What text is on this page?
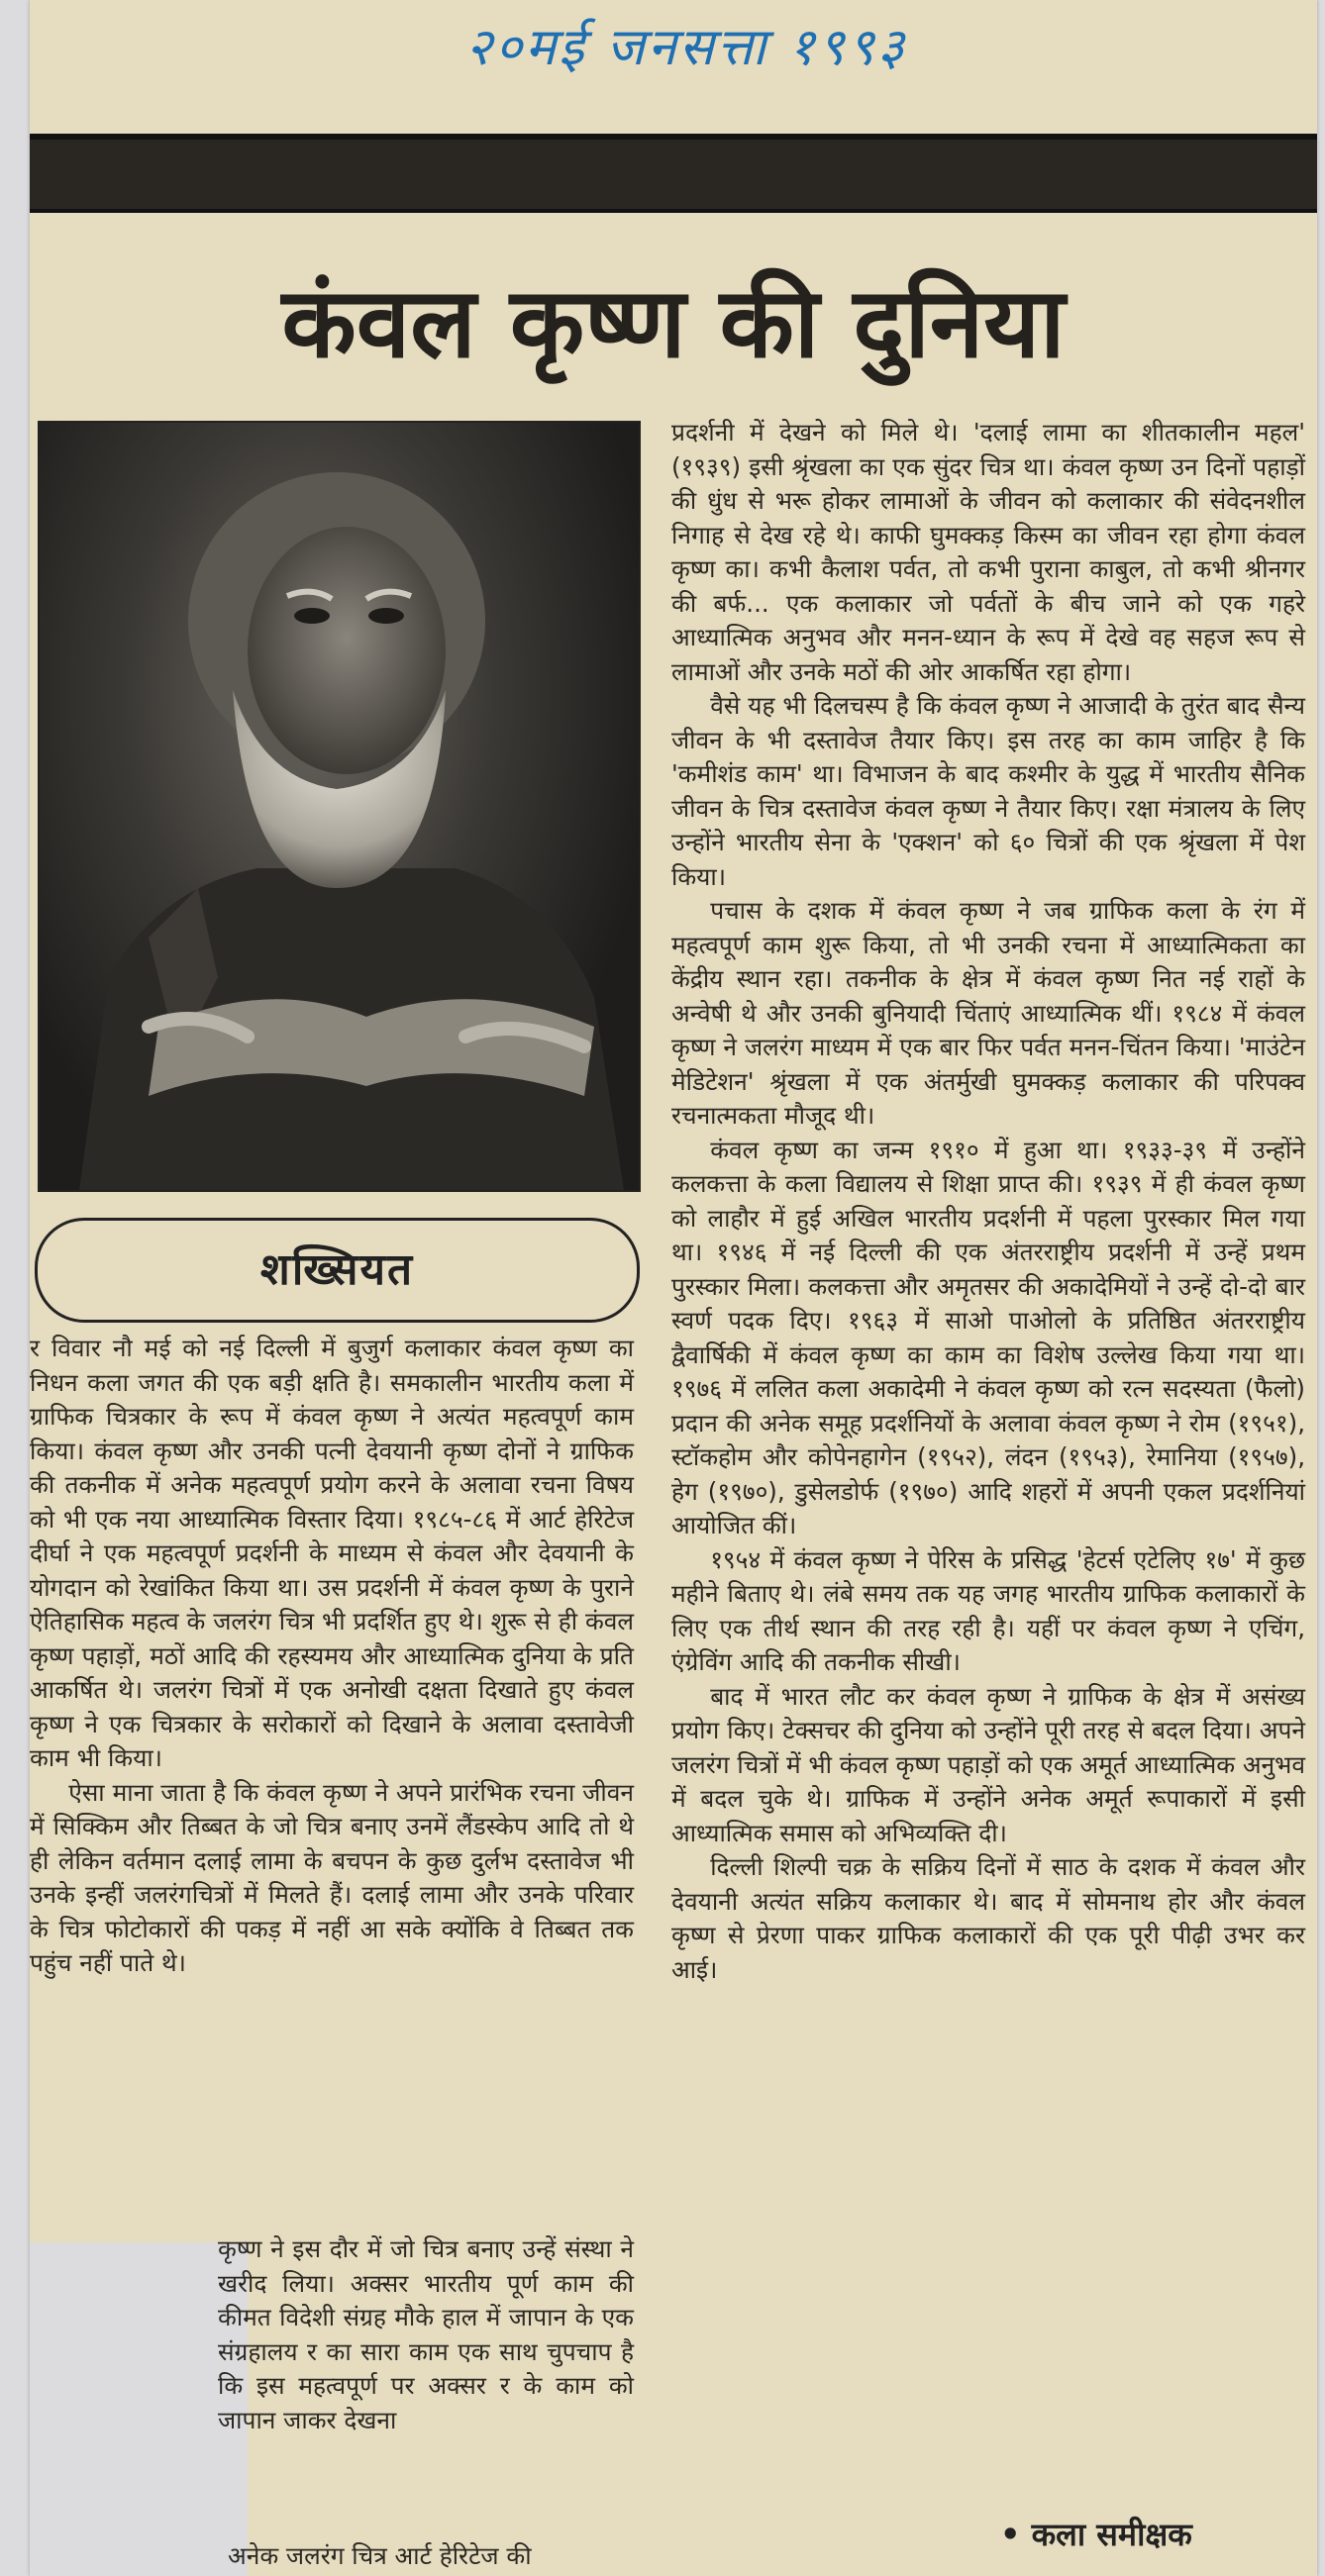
२०मई जनसत्ता १९९३
कंवल कृष्ण की दुनिया
शख्सियत

र विवार नौ मई को नई दिल्ली में बुजुर्ग कलाकार कंवल कृष्ण का निधन कला जगत की एक बड़ी क्षति है। समकालीन भारतीय कला में ग्राफिक चित्रकार के रूप में कंवल कृष्ण ने अत्यंत महत्वपूर्ण काम किया। कंवल कृष्ण और उनकी पत्नी देवयानी कृष्ण दोनों ने ग्राफिक की तकनीक में अनेक महत्वपूर्ण प्रयोग करने के अलावा रचना विषय को भी एक नया आध्यात्मिक विस्तार दिया। १९८५-८६ में आर्ट हेरिटेज दीर्घा ने एक महत्वपूर्ण प्रदर्शनी के माध्यम से कंवल और देवयानी के योगदान को रेखांकित किया था। उस प्रदर्शनी में कंवल कृष्ण के पुराने ऐतिहासिक महत्व के जलरंग चित्र भी प्रदर्शित हुए थे। शुरू से ही कंवल कृष्ण पहाड़ों, मठों आदि की रहस्यमय और आध्यात्मिक दुनिया के प्रति आकर्षित थे। जलरंग चित्रों में एक अनोखी दक्षता दिखाते हुए कंवल कृष्ण ने एक चित्रकार के सरोकारों को दिखाने के अलावा दस्तावेजी काम भी किया।

ऐसा माना जाता है कि कंवल कृष्ण ने अपने प्रारंभिक रचना जीवन में सिक्किम और तिब्बत के जो चित्र बनाए उनमें लैंडस्केप आदि तो थे ही लेकिन वर्तमान दलाई लामा के बचपन के कुछ दुर्लभ दस्तावेज भी उनके इन्हीं जलरंगचित्रों में मिलते हैं। दलाई लामा और उनके परिवार के चित्र फोटोकारों की पकड़ में नहीं आ सके क्योंकि वे तिब्बत तक पहुंच नहीं पाते थे।

कृष्ण ने इस दौर में जो चित्र बनाए उन्हें संस्था ने खरीद लिया। अक्सर भारतीय पूर्ण काम की कीमत विदेशी संग्रह मौके हाल में जापान के एक संग्रहालय र का सारा काम एक साथ चुपचाप है कि इस महत्वपूर्ण पर अक्सर र के काम को जापान जाकर देखना

अनेक जलरंग चित्र आर्ट हेरिटेज की

प्रदर्शनी में देखने को मिले थे। 'दलाई लामा का शीतकालीन महल' (१९३९) इसी श्रृंखला का एक सुंदर चित्र था। कंवल कृष्ण उन दिनों पहाड़ों की धुंध से भरू होकर लामाओं के जीवन को कलाकार की संवेदनशील निगाह से देख रहे थे। काफी घुमक्कड़ किस्म का जीवन रहा होगा कंवल कृष्ण का। कभी कैलाश पर्वत, तो कभी पुराना काबुल, तो कभी श्रीनगर की बर्फ... एक कलाकार जो पर्वतों के बीच जाने को एक गहरे आध्यात्मिक अनुभव और मनन-ध्यान के रूप में देखे वह सहज रूप से लामाओं और उनके मठों की ओर आकर्षित रहा होगा।

वैसे यह भी दिलचस्प है कि कंवल कृष्ण ने आजादी के तुरंत बाद सैन्य जीवन के भी दस्तावेज तैयार किए। इस तरह का काम जाहिर है कि 'कमीशंड काम' था। विभाजन के बाद कश्मीर के युद्ध में भारतीय सैनिक जीवन के चित्र दस्तावेज कंवल कृष्ण ने तैयार किए। रक्षा मंत्रालय के लिए उन्होंने भारतीय सेना के 'एक्शन' को ६० चित्रों की एक श्रृंखला में पेश किया।

पचास के दशक में कंवल कृष्ण ने जब ग्राफिक कला के रंग में महत्वपूर्ण काम शुरू किया, तो भी उनकी रचना में आध्यात्मिकता का केंद्रीय स्थान रहा। तकनीक के क्षेत्र में कंवल कृष्ण नित नई राहों के अन्वेषी थे और उनकी बुनियादी चिंताएं आध्यात्मिक थीं। १९८४ में कंवल कृष्ण ने जलरंग माध्यम में एक बार फिर पर्वत मनन-चिंतन किया। 'माउंटेन मेडिटेशन' श्रृंखला में एक अंतर्मुखी घुमक्कड़ कलाकार की परिपक्व रचनात्मकता मौजूद थी।

कंवल कृष्ण का जन्म १९१० में हुआ था। १९३३-३९ में उन्होंने कलकत्ता के कला विद्यालय से शिक्षा प्राप्त की। १९३९ में ही कंवल कृष्ण को लाहौर में हुई अखिल भारतीय प्रदर्शनी में पहला पुरस्कार मिल गया था। १९४६ में नई दिल्ली की एक अंतरराष्ट्रीय प्रदर्शनी में उन्हें प्रथम पुरस्कार मिला। कलकत्ता और अमृतसर की अकादेमियों ने उन्हें दो-दो बार स्वर्ण पदक दिए। १९६३ में साओ पाओलो के प्रतिष्ठित अंतरराष्ट्रीय द्वैवार्षिकी में कंवल कृष्ण का काम का विशेष उल्लेख किया गया था। १९७६ में ललित कला अकादेमी ने कंवल कृष्ण को रत्न सदस्यता (फैलो) प्रदान की अनेक समूह प्रदर्शनियों के अलावा कंवल कृष्ण ने रोम (१९५१), स्टॉकहोम और कोपेनहागेन (१९५२), लंदन (१९५३), रेमानिया (१९५७), हेग (१९७०), डुसेलडोर्फ (१९७०) आदि शहरों में अपनी एकल प्रदर्शनियां आयोजित कीं।

१९५४ में कंवल कृष्ण ने पेरिस के प्रसिद्ध 'हेटर्स एटेलिए १७' में कुछ महीने बिताए थे। लंबे समय तक यह जगह भारतीय ग्राफिक कलाकारों के लिए एक तीर्थ स्थान की तरह रही है। यहीं पर कंवल कृष्ण ने एचिंग, एंग्रेविंग आदि की तकनीक सीखी।

बाद में भारत लौट कर कंवल कृष्ण ने ग्राफिक के क्षेत्र में असंख्य प्रयोग किए। टेक्सचर की दुनिया को उन्होंने पूरी तरह से बदल दिया। अपने जलरंग चित्रों में भी कंवल कृष्ण पहाड़ों को एक अमूर्त आध्यात्मिक अनुभव में बदल चुके थे। ग्राफिक में उन्होंने अनेक अमूर्त रूपाकारों में इसी आध्यात्मिक समास को अभिव्यक्ति दी।

दिल्ली शिल्पी चक्र के सक्रिय दिनों में साठ के दशक में कंवल और देवयानी अत्यंत सक्रिय कलाकार थे। बाद में सोमनाथ होर और कंवल कृष्ण से प्रेरणा पाकर ग्राफिक कलाकारों की एक पूरी पीढ़ी उभर कर आई।

• कला समीक्षक
